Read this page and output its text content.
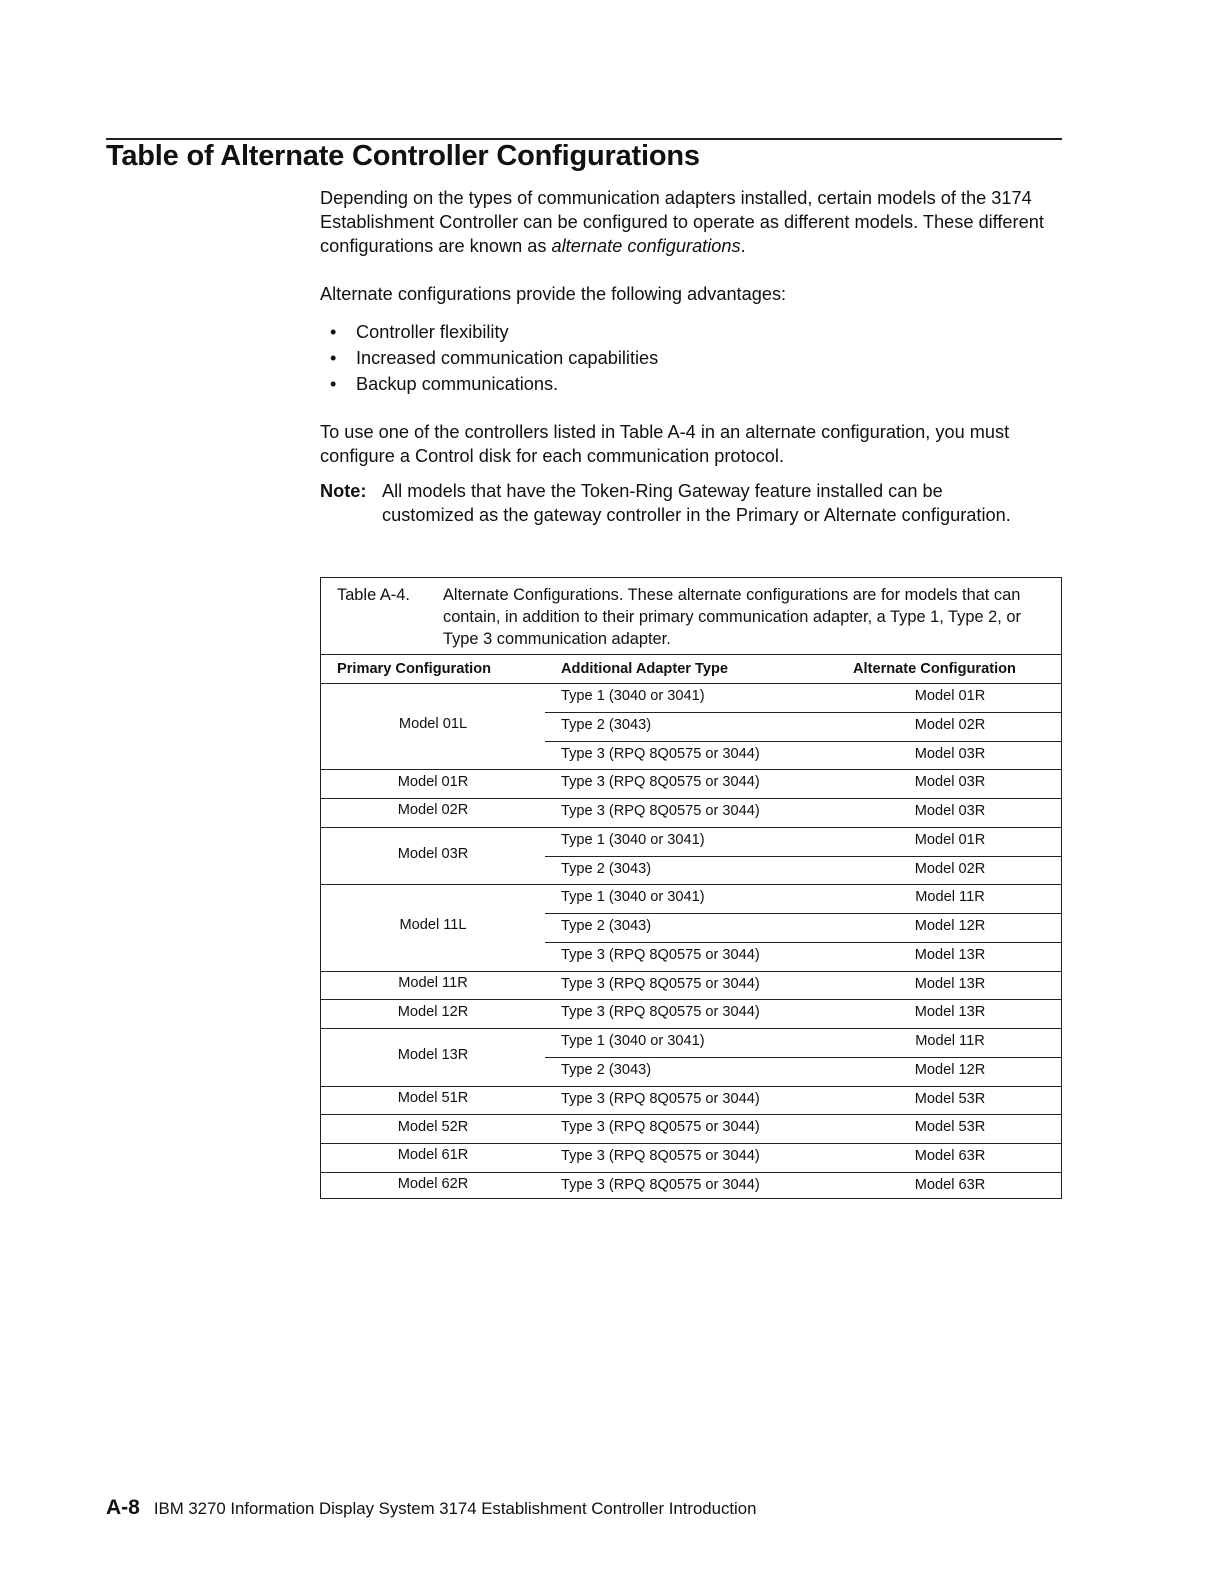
Table of Alternate Controller Configurations

Depending on the types of communication adapters installed, certain models of the 3174 Establishment Controller can be configured to operate as different models. These different configurations are known as alternate configurations.

Alternate configurations provide the following advantages:

• Controller flexibility
• Increased communication capabilities
• Backup communications.

To use one of the controllers listed in Table A-4 in an alternate configuration, you must configure a Control disk for each communication protocol.

Note: All models that have the Token-Ring Gateway feature installed can be customized as the gateway controller in the Primary or Alternate configuration.
Table A-4. Alternate Configurations. These alternate configurations are for models that can contain, in addition to their primary communication adapter, a Type 1, Type 2, or Type 3 communication adapter.
Primary Configuration	Additional Adapter Type	Alternate Configuration
Model 01L
Type 1 (3040 or 3041)	Model 01R
Type 2 (3043)	Model 02R
Type 3 (RPQ 8Q0575 or 3044)	Model 03R
Model 01R	Type 3 (RPQ 8Q0575 or 3044)	Model 03R
Model 02R	Type 3 (RPQ 8Q0575 or 3044)	Model 03R
Model 03R
Type 1 (3040 or 3041)	Model 01R
Type 2 (3043)	Model 02R
Model 11L
Type 1 (3040 or 3041)	Model 11R
Type 2 (3043)	Model 12R
Type 3 (RPQ 8Q0575 or 3044)	Model 13R
Model 11R	Type 3 (RPQ 8Q0575 or 3044)	Model 13R
Model 12R	Type 3 (RPQ 8Q0575 or 3044)	Model 13R
Model 13R
Type 1 (3040 or 3041)	Model 11R
Type 2 (3043)	Model 12R
Model 51R	Type 3 (RPQ 8Q0575 or 3044)	Model 53R
Model 52R	Type 3 (RPQ 8Q0575 or 3044)	Model 53R
Model 61R	Type 3 (RPQ 8Q0575 or 3044)	Model 63R
Model 62R	Type 3 (RPQ 8Q0575 or 3044)	Model 63R
A-8 IBM 3270 Information Display System 3174 Establishment Controller Introduction
